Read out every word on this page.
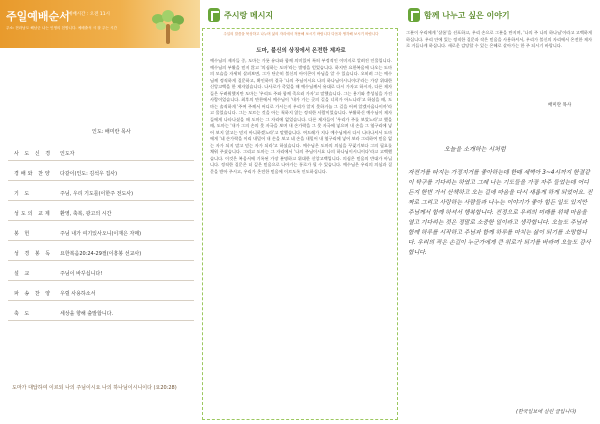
주일예배순서
예배시간 : 오전 11시
주소: 전라남도 해남군 나는 인생의 친합니다. 예배출석 시 잘 주는 시간
인도: 배미란 목사
사 도 신 경	인도자
경배와 찬양	다같이(인도: 김석우 집사)
기 도	주님, 우리 기도를(이한주 전도사)
성도의 교제	환영, 축복, 광고의 시간
봉 헌	주님 내가 여기있사오니(이재은 자매)
성 경 봉 독	요한복음20:24-29절(이흥봉 선교사)
설 교	주님이 바꾸십니다!
파 송 찬 양	우릴 사용하소서
축 도	세상을 향해 출발합니다.
도마가 대답하여 이르되 나의 주님이시요 나의 하나님이시니이다 (요20:28)
주시랑 메시지
주일의 말씀을 묵상하고 나누며 삶의 자리에서 적용해 보시기 바랍니다 다음과 생각해 보시기 바랍니다
도마, 불신의 상징에서 온전한 제자로
예수님의 제자들 중, 도마는 가룟 유다와 함께 의미있어 특히 부정적인 이미지로 알려진 인물입니다. 예수님의 부활을 믿지 않고 '의심하는 도마'라는 별명을 얻었습니다. 하지만 요한복음에 나오는 도마의 모습을 자세히 살펴보면, 그가 단순히 불신의 아이콘이 아님을 알 수 있습니다. 오히려 그는 예수님께 정직하게 질문하고, 확인하며 결국 '나의 주님이시요 나의 하나님이시니이다'라는 가장 위대한 신앙고백을 한 제자였습니다. 나사로가 죽었을 때 예수님께서 유대로 다시 가자고 하시자, 다른 제자들은 두려워했지만 도마는 '우리도 주와 함께 죽으러 가자'고 말했습니다. 그는 용기와 충성심을 가진 사람이었습니다. 최후의 만찬에서 예수님이 '내가 가는 곳의 길을 너희가 아느니라'고 하셨을 때, 도마는 솔직하게 '주여 주께서 어디로 가시는지 우리가 알지 못하거늘 그 길을 어찌 알겠사옵나이까'라고 물었습니다. 그는 모르는 것을 아는 척하지 않는 정직한 사람이었습니다. 부활하신 예수님이 제자들에게 나타나셨을 때 도마는 그 자리에 없었습니다. 다른 제자들이 '우리가 주를 보았노라'고 했을 때, 도마는 '내가 그의 손의 못 자국을 보며 내 손가락을 그 못 자국에 넣으며 내 손을 그 옆구리에 넣어 보지 않고는 믿지 아니하겠노라'고 말했습니다. 여드레가 지나 예수님께서 다시 나타나셔서 도마에게 '네 손가락을 이리 내밀어 내 손을 보고 네 손을 내밀어 내 옆구리에 넣어 보라 그리하여 믿음 없는 자가 되지 말고 믿는 자가 되라'고 하셨습니다. 예수님은 도마의 의심을 꾸짖기보다 그의 필요를 채워 주셨습니다. 그리고 도마는 그 자리에서 '나의 주님이시요 나의 하나님이시니이다'라고 고백했습니다. 이것은 복음서에 기록된 가장 분명하고 위대한 신앙고백입니다. 의심은 믿음의 반대가 아닙니다. 정직한 질문은 더 깊은 믿음으로 나아가는 통로가 될 수 있습니다. 예수님은 우리의 의심과 질문을 받아 주시고, 우리가 온전한 믿음에 이르도록 인도하십니다.
함께 나누고 싶은 이야기
그분이 우리에게 '샬롬'을 선포하고, 우리 손으로 그분을 만지며, '나의 주 나의 하나님'이라고 고백하게 하십니다. 우리 안에 있는 정직한 질문과 작은 믿음을 사용하셔서, 우리가 불신의 자리에서 온전한 제자로 거듭나게 하십니다. 새로운 감당할 수 있는 은혜로 살아가는 한 주 되시기 바랍니다.
배미란 목사
오늘을 소개하는 시처럼
자전거를 타지는 가정지거를 좋아하는데 한때 새벽아 3~4시까지 한결같이 탁구를 기다리는 하였고 그래 나는 기도들을 가장 자주 들었는데 어디든지 한번 가서 산책하고 오는 길에 마음을 다시 새롭게 하게 되었어요. 진짜로 그리고 사랑하는 사람들과 나누는 이야기가 좋아 힘든 일도 있지만 주님께서 함께 하셔서 행복합니다. 진정으로 우리의 미래를 위해 마음을 열고 기다리는 것은 정말로 소중한 일이라고 생각합니다. 오늘도 주님과 함께 하루를 시작하고 주님과 함께 하루를 마치는 삶이 되기를 소망합니다. 우리의 작은 손길이 누군가에게 큰 위로가 되기를 바라며 오늘도 감사합니다.
(한국일보에 실린 글입니다)
